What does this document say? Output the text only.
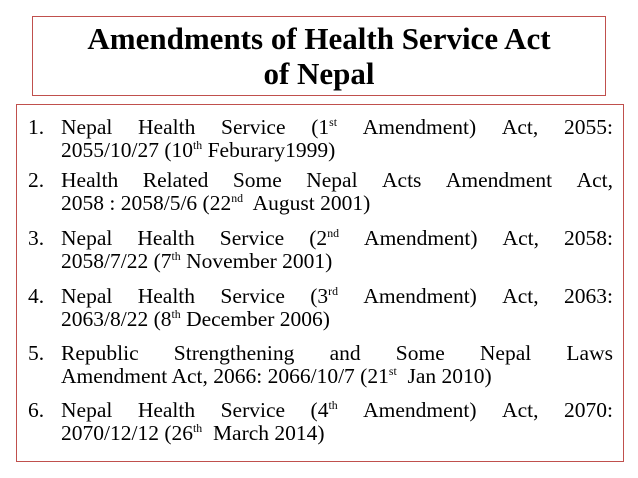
Amendments of Health Service Act
of Nepal
1. Nepal Health Service (1st Amendment) Act, 2055:
2055/10/27 (10th Feburary1999)
2. Health Related Some Nepal Acts Amendment Act,
2058 : 2058/5/6 (22nd  August 2001)
3. Nepal Health Service (2nd Amendment) Act, 2058:
2058/7/22 (7th November 2001)
4. Nepal Health Service (3rd Amendment) Act, 2063:
2063/8/22 (8th December 2006)
5. Republic Strengthening and Some Nepal Laws
Amendment Act, 2066: 2066/10/7 (21st  Jan 2010)
6. Nepal Health Service (4th Amendment) Act, 2070:
2070/12/12 (26th  March 2014)
